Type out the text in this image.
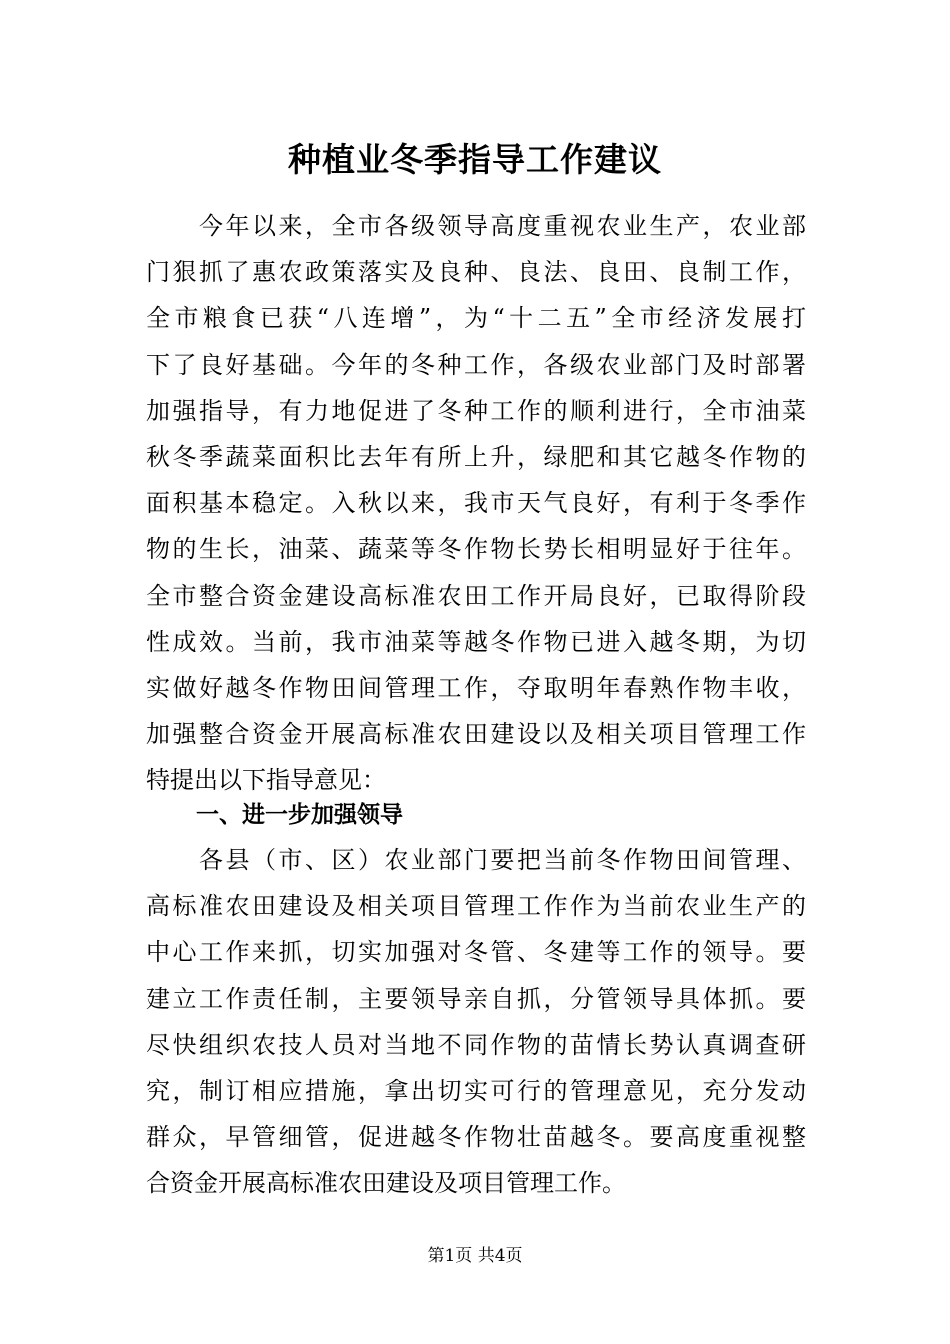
种植业冬季指导工作建议
　　今年以来，全市各级领导高度重视农业生产，农业部
门狠抓了惠农政策落实及良种、良法、良田、良制工作，
全市粮食已获“八连增”，为“十二五”全市经济发展打
下了良好基础。今年的冬种工作，各级农业部门及时部署
加强指导，有力地促进了冬种工作的顺利进行，全市油菜
秋冬季蔬菜面积比去年有所上升，绿肥和其它越冬作物的
面积基本稳定。入秋以来，我市天气良好，有利于冬季作
物的生长，油菜、蔬菜等冬作物长势长相明显好于往年。
全市整合资金建设高标准农田工作开局良好，已取得阶段
性成效。当前，我市油菜等越冬作物已进入越冬期，为切
实做好越冬作物田间管理工作，夺取明年春熟作物丰收，
加强整合资金开展高标准农田建设以及相关项目管理工作
特提出以下指导意见：
一、进一步加强领导
　　各县（市、区）农业部门要把当前冬作物田间管理、
高标准农田建设及相关项目管理工作作为当前农业生产的
中心工作来抓，切实加强对冬管、冬建等工作的领导。要
建立工作责任制，主要领导亲自抓，分管领导具体抓。要
尽快组织农技人员对当地不同作物的苗情长势认真调查研
究，制订相应措施，拿出切实可行的管理意见，充分发动
群众，早管细管，促进越冬作物壮苗越冬。要高度重视整
合资金开展高标准农田建设及项目管理工作。
第1页 共4页
